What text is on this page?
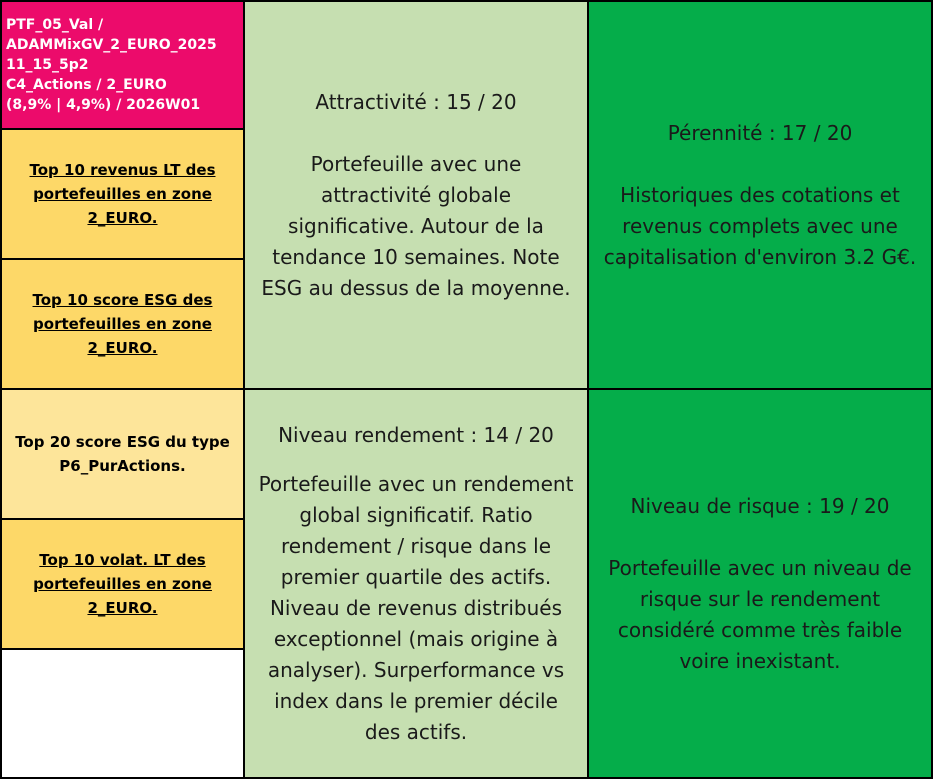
PTF_05_Val /
ADAMMixGV_2_EURO_2025
11_15_5p2
C4_Actions / 2_EURO
(8,9% | 4,9%) / 2026W01
Top 10 revenus LT des
portefeuilles en zone
2_EURO.
Top 10 score ESG des
portefeuilles en zone
2_EURO.
Top 20 score ESG du type
P6_PurActions.
Top 10 volat. LT des
portefeuilles en zone
2_EURO.
Attractivité : 15 / 20
Portefeuille avec une
attractivité globale
significative. Autour de la
tendance 10 semaines. Note
ESG au dessus de la moyenne.
Pérennité : 17 / 20
Historiques des cotations et
revenus complets avec une
capitalisation d'environ 3.2 G€.
Niveau rendement : 14 / 20
Portefeuille avec un rendement
global significatif. Ratio
rendement / risque dans le
premier quartile des actifs.
Niveau de revenus distribués
exceptionnel (mais origine à
analyser). Surperformance vs
index dans le premier décile
des actifs.
Niveau de risque : 19 / 20
Portefeuille avec un niveau de
risque sur le rendement
considéré comme très faible
voire inexistant.
